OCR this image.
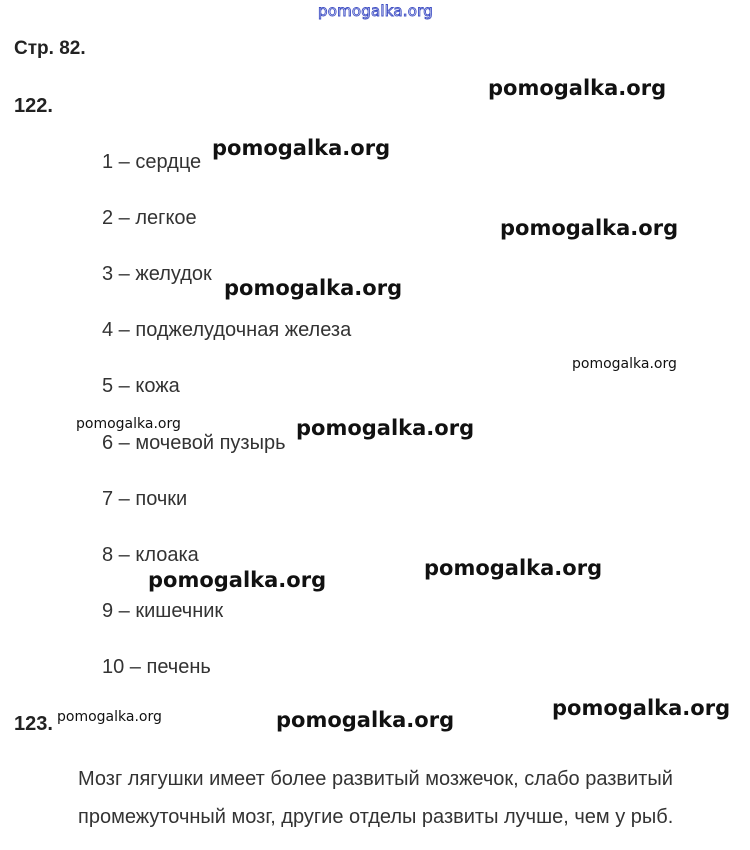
pomogalka.org
Стр. 82.
122.
1 – сердце
2 – легкое
3 – желудок
4 – поджелудочная железа
5 – кожа
6 – мочевой пузырь
7 – почки
8 – клоака
9 – кишечник
10 – печень
123.
Мозг лягушки имеет более развитый мозжечок, слабо развитый
промежуточный мозг, другие отделы развиты лучше, чем у рыб.
pomogalka.org
pomogalka.org
pomogalka.org
pomogalka.org
pomogalka.org
pomogalka.org	pomogalka.org
pomogalka.org
pomogalka.org
pomogalka.org
pomogalka.org	pomogalka.org
